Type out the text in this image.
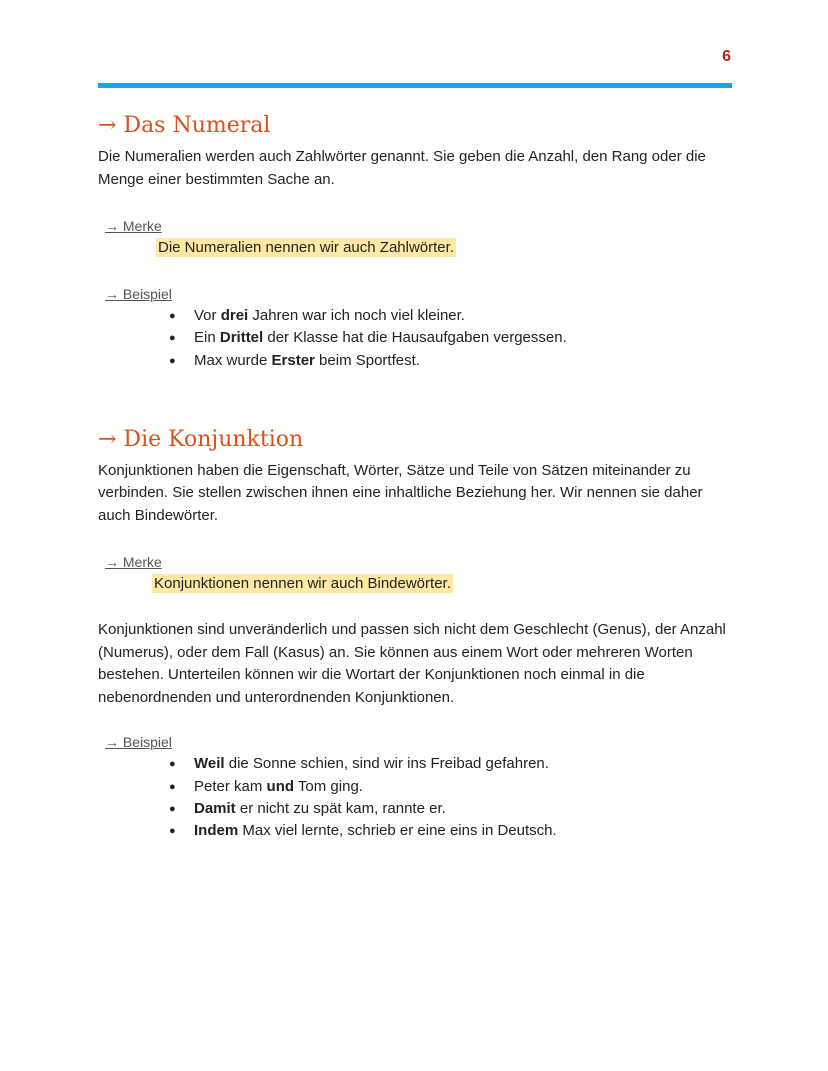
6
→ Das Numeral

Die Numeralien werden auch Zahlwörter genannt. Sie geben die Anzahl, den Rang oder die Menge einer bestimmten Sache an.

→ Merke
Die Numeralien nennen wir auch Zahlwörter.
→ Beispiel
● Vor drei Jahren war ich noch viel kleiner.
● Ein Drittel der Klasse hat die Hausaufgaben vergessen.
● Max wurde Erster beim Sportfest.
→ Die Konjunktion

Konjunktionen haben die Eigenschaft, Wörter, Sätze und Teile von Sätzen miteinander zu verbinden. Sie stellen zwischen ihnen eine inhaltliche Beziehung her. Wir nennen sie daher auch Bindewörter.

→ Merke
Konjunktionen nennen wir auch Bindewörter.

Konjunktionen sind unveränderlich und passen sich nicht dem Geschlecht (Genus), der Anzahl (Numerus), oder dem Fall (Kasus) an. Sie können aus einem Wort oder mehreren Worten bestehen. Unterteilen können wir die Wortart der Konjunktionen noch einmal in die nebenordnenden und unterordnenden Konjunktionen.

→ Beispiel
● Weil die Sonne schien, sind wir ins Freibad gefahren.
● Peter kam und Tom ging.
● Damit er nicht zu spät kam, rannte er.
● Indem Max viel lernte, schrieb er eine eins in Deutsch.
